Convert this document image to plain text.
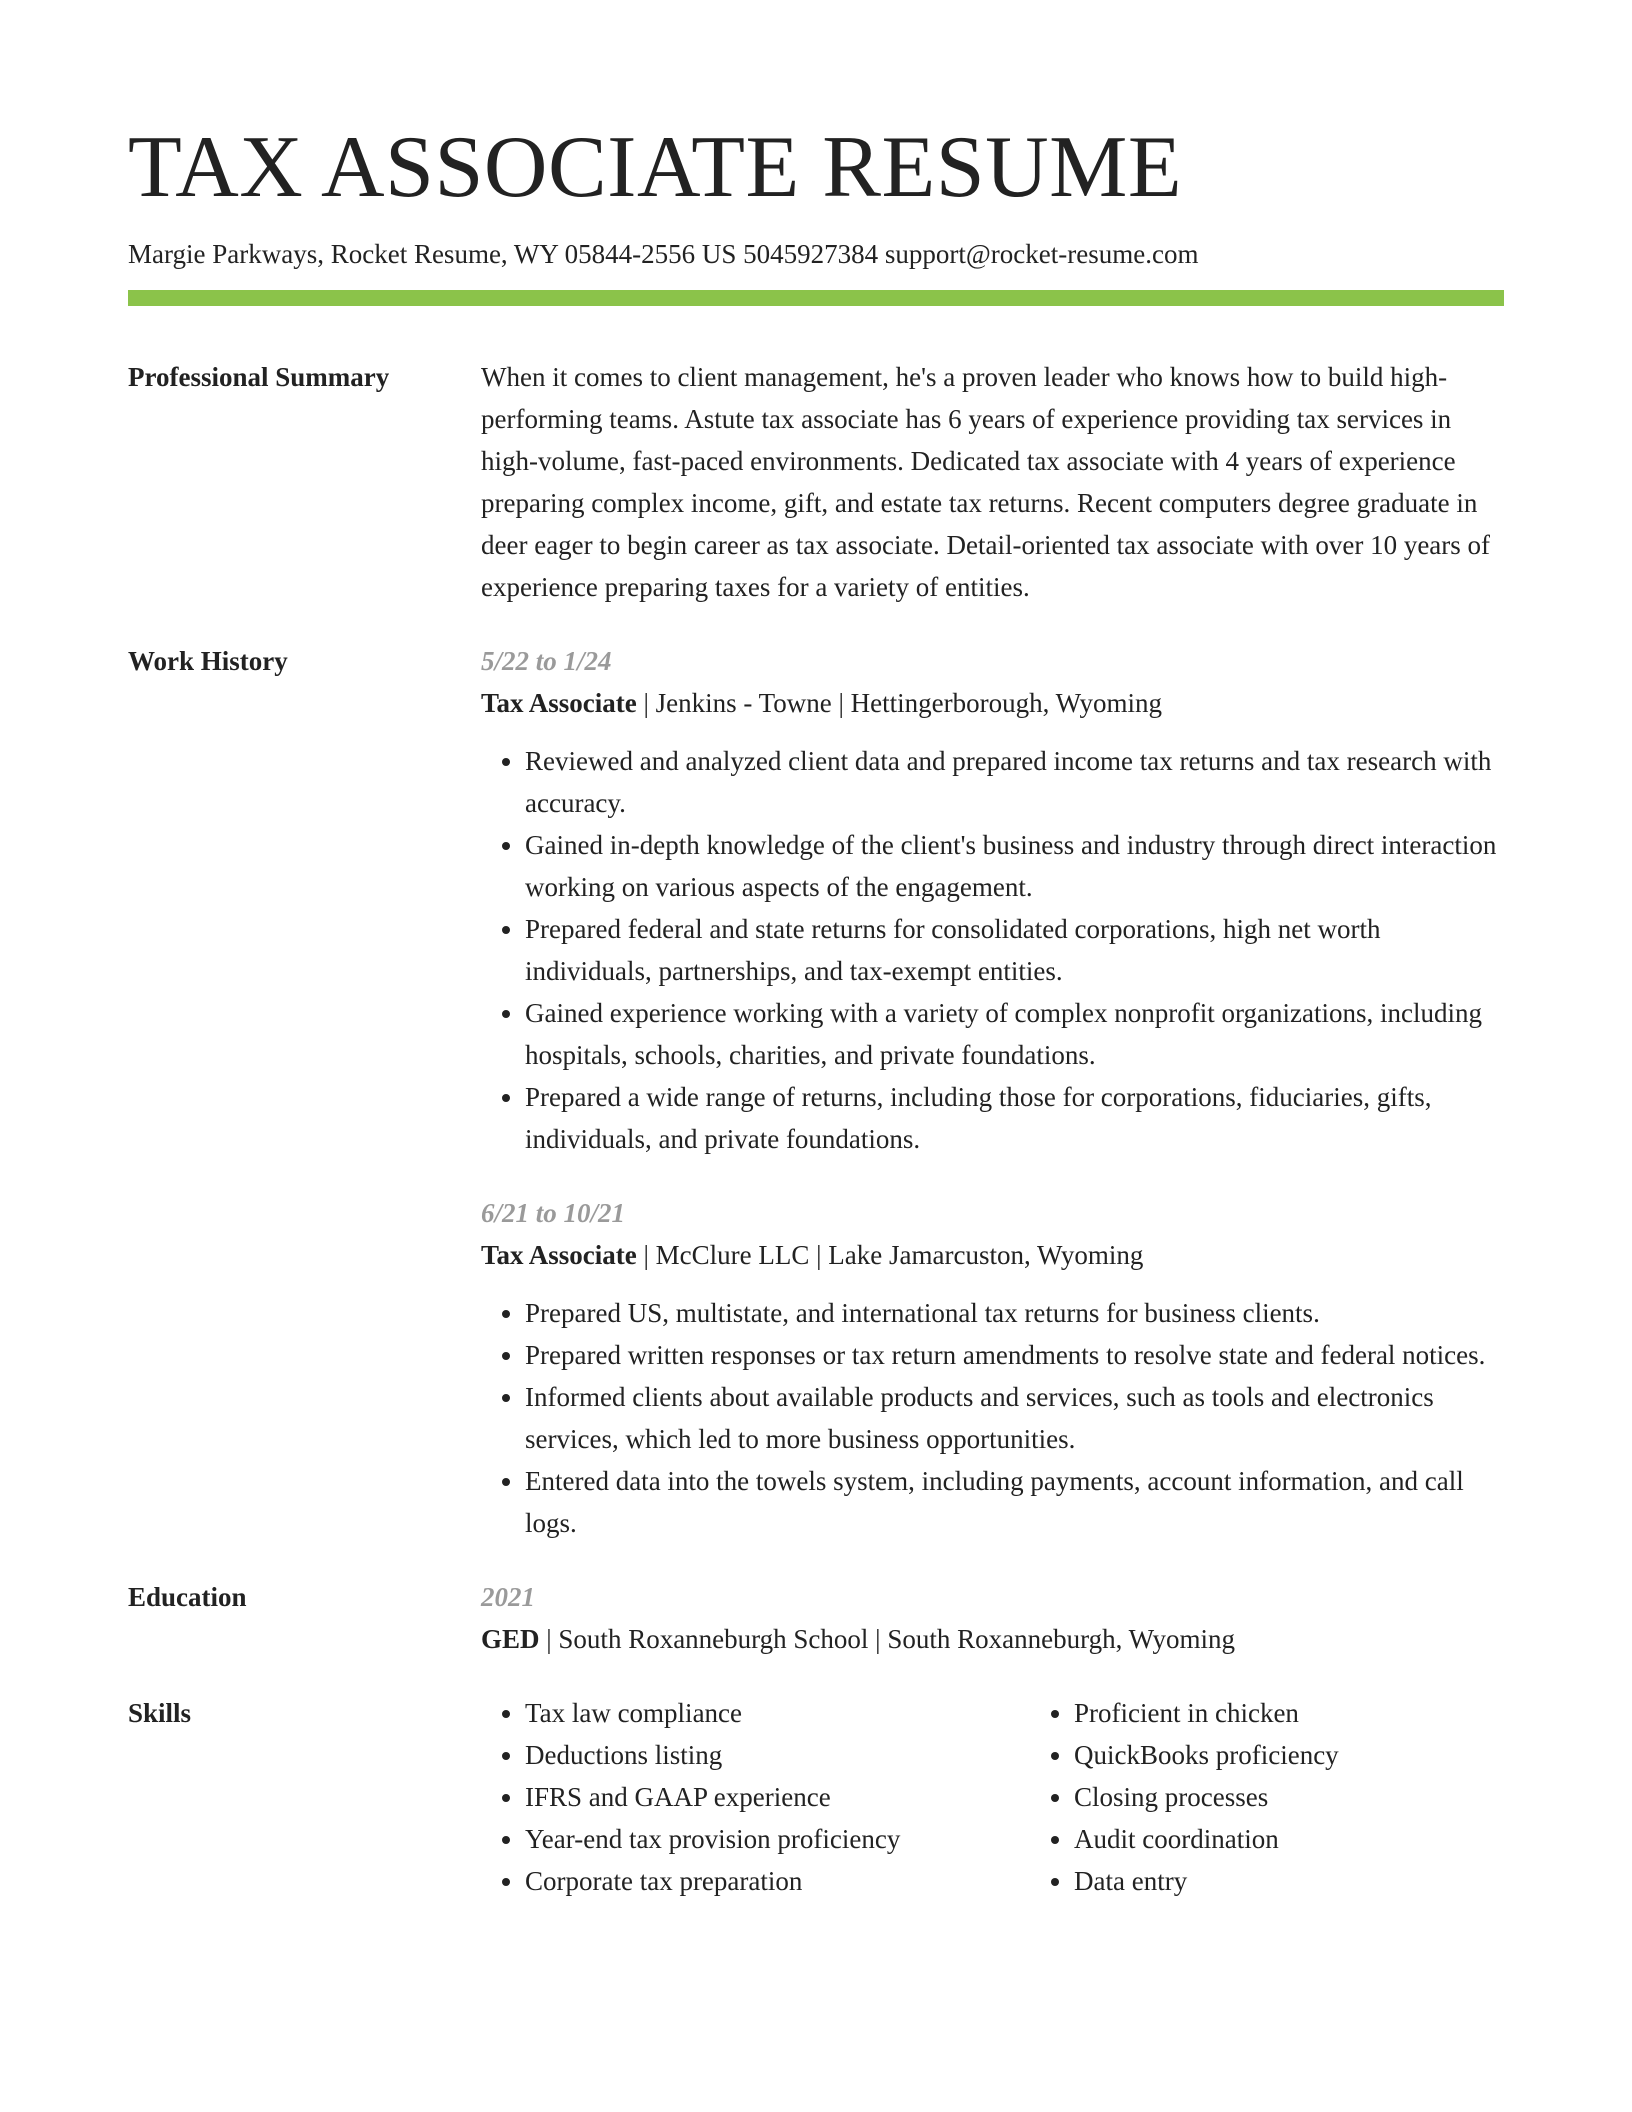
TAX ASSOCIATE RESUME
Margie Parkways, Rocket Resume, WY 05844-2556 US 5045927384 support@rocket-resume.com
Professional Summary	When it comes to client management, he's a proven leader who knows how to build high-performing teams. Astute tax associate has 6 years of experience providing tax services in high-volume, fast-paced environments. Dedicated tax associate with 4 years of experience preparing complex income, gift, and estate tax returns. Recent computers degree graduate in deer eager to begin career as tax associate. Detail-oriented tax associate with over 10 years of experience preparing taxes for a variety of entities.

Work History	5/22 to 1/24
Tax Associate | Jenkins - Towne | Hettingerborough, Wyoming
• Reviewed and analyzed client data and prepared income tax returns and tax research with accuracy.
• Gained in-depth knowledge of the client's business and industry through direct interaction working on various aspects of the engagement.
• Prepared federal and state returns for consolidated corporations, high net worth individuals, partnerships, and tax-exempt entities.
• Gained experience working with a variety of complex nonprofit organizations, including hospitals, schools, charities, and private foundations.
• Prepared a wide range of returns, including those for corporations, fiduciaries, gifts, individuals, and private foundations.
6/21 to 10/21
Tax Associate | McClure LLC | Lake Jamarcuston, Wyoming
• Prepared US, multistate, and international tax returns for business clients.
• Prepared written responses or tax return amendments to resolve state and federal notices.
• Informed clients about available products and services, such as tools and electronics services, which led to more business opportunities.
• Entered data into the towels system, including payments, account information, and call logs.
Education	2021
GED | South Roxanneburgh School | South Roxanneburgh, Wyoming
Skills
•	Tax law compliance
• Deductions listing
• IFRS and GAAP experience
• Year-end tax provision proficiency
• Corporate tax preparation
• Proficient in chicken
• QuickBooks proficiency
• Closing processes
• Audit coordination
• Data entry
